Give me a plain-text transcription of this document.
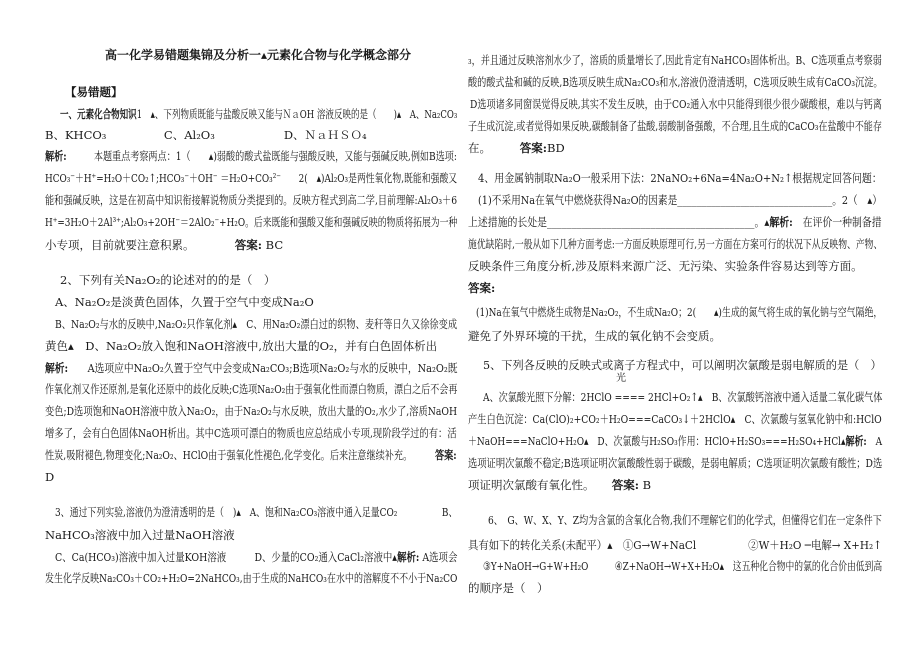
高一化学易错题集锦及分析一▴元素化合物与化学概念部分
光
【易错题】
一、元素化合物知识1　▴、下列物质既能与盐酸反映又能与ＮａOH 溶液反映的是（　　)▴　A、Na₂CO₃
B、KHCO₃　　　　　C、Al₂O₃　　　　　　D、ＮａＨＳＯ₄
解析:　　　本题重点考察两点：1（　　▴)弱酸的酸式盐既能与强酸反映，又能与强碱反映,例如B选项:
HCO₃⁻＋H⁺=H₂O＋CO₂↑;HCO₃⁻＋OH⁻ ＝H₂O+CO₃²⁻　　2(　▴)Al₂O₃是两性氧化物,既能和强酸又
能和强碱反映，这是在初高中知识衔接解说物质分类提到的。反映方程式到高二学,目前理解:Al₂O₃＋6
H⁺=3H₂O＋2Al³⁺;Al₂O₃+2OH⁻＝2AlO₂⁻+H₂O。后来既能和强酸又能和强碱反映的物质将拓展为一种
小专项，目前就要注意积累。　　　　答案: BC
2、下列有关Na₂O₂的论述对的的是（　）
A、Na₂O₂是淡黄色固体，久置于空气中变成Na₂O
B、Na₂O₂与水的反映中,Na₂O₂只作氧化剂▴　C、用Na₂O₂漂白过的织物、麦秆等日久又徐徐变成
黄色▴　D、Na₂O₂放入饱和NaOH溶液中,放出大量的O₂，并有白色固体析出
解析:　　A选项应中Na₂O₂久置于空气中会变成Na₂CO₃;B选项Na₂O₂与水的反映中，Na₂O₂既
作氧化剂又作还原剂,是氧化还原中的歧化反映;C选项Na₂O₂由于强氧化性而漂白物质，漂白之后不会再
变色;D选项饱和NaOH溶液中放入Na₂O₂，由于Na₂O₂与水反映，放出大量的O₂,水少了,溶质NaOH
增多了，会有白色固体NaOH析出。其中C选项可漂白的物质也应总结成小专项,现阶段学过的有：活
性炭,吸附褪色,物理变化;Na₂O₂、HClO由于强氧化性褪色,化学变化。后来注意继续补充。　　　答案:
D
3、通过下列实验,溶液仍为澄清透明的是（　)▴　A、饱和Na₂CO₃溶液中通入足量CO₂　　　　　B、
NaHCO₃溶液中加入过量NaOH溶液
C、Ca(HCO₃)溶液中加入过量KOH溶液　　　D、少量的CO₂通入CaCl₂溶液中▴解析: A选项会
发生化学反映Na₂CO₃＋CO₂+H₂O=2NaHCO₃,由于生成的NaHCO₃在水中的溶解度不不小于Na₂CO
₃，并且通过反映溶剂水少了，溶质的质量增长了,因此肯定有NaHCO₃固体析出。B、C选项重点考察弱
酸的酸式盐和碱的反映,B选项反映生成Na₂CO₃和水,溶液仍澄清透明，C选项反映生成有CaCO₃沉淀。
D选项诸多同窗误觉得反映,其实不发生反映，由于CO₂通入水中只能得到很少很少碳酸根，难以与钙离
子生成沉淀,或者觉得如果反映,碳酸制备了盐酸,弱酸制备强酸，不合理,且生成的CaCO₃在盐酸中不能存
在。　　　答案:BD
4、用金属钠制取Na₂O一般采用下法：2NaNO₂+6Na=4Na₂O+N₂↑根据规定回答问题：
(1)不采用Na在氧气中燃烧获得Na₂O的因素是________________________________。2（　▴）
上述措施的长处是__________________________________________。▴解析:　在评价一种制备措
施优缺陷时,一般从如下几种方面考虑:一方面反映原理可行,另一方面在方案可行的状况下从反映物、产物、
反映条件三角度分析,涉及原料来源广泛、无污染、实验条件容易达到等方面。
答案:
(1)Na在氧气中燃烧生成物是Na₂O₂，不生成Na₂O；2(　　▴)生成的氮气将生成的氧化钠与空气隔绝，
避免了外界环境的干扰，生成的氧化钠不会变质。
5、下列各反映的反映式或离子方程式中，可以阐明次氯酸是弱电解质的是（　）
A、次氯酸光照下分解：2HClO ==== 2HCl+O₂↑▴　B、次氯酸钙溶液中通入适量二氧化碳气体
产生白色沉淀：Ca(ClO)₂+CO₂＋H₂O===CaCO₃↓＋2HClO▴　C、次氯酸与氢氧化钠中和:HClO
＋NaOH===NaClO+H₂O▴　D、次氯酸与H₂SO₃作用：HClO+H₂SO₃===H₂SO₄+HCl▴解析:　A
选项证明次氯酸不稳定;B选项证明次氯酸酸性弱于碳酸，是弱电解质；C选项证明次氯酸有酸性；D选
项证明次氯酸有氧化性。　　答案: B
6、　G、W、X、Y、Z均为含氯的含氧化合物,我们不理解它们的化学式，但懂得它们在一定条件下
具有如下的转化关系(未配平）▴　①G→W+NaCl　　　　　②W＋H₂O ─电解→ X+H₂↑
③Y+NaOH→G+W+H₂O　　　④Z+NaOH→W+X+H₂O▴　这五种化合物中的氯的化合价由低到高
的顺序是（　）
